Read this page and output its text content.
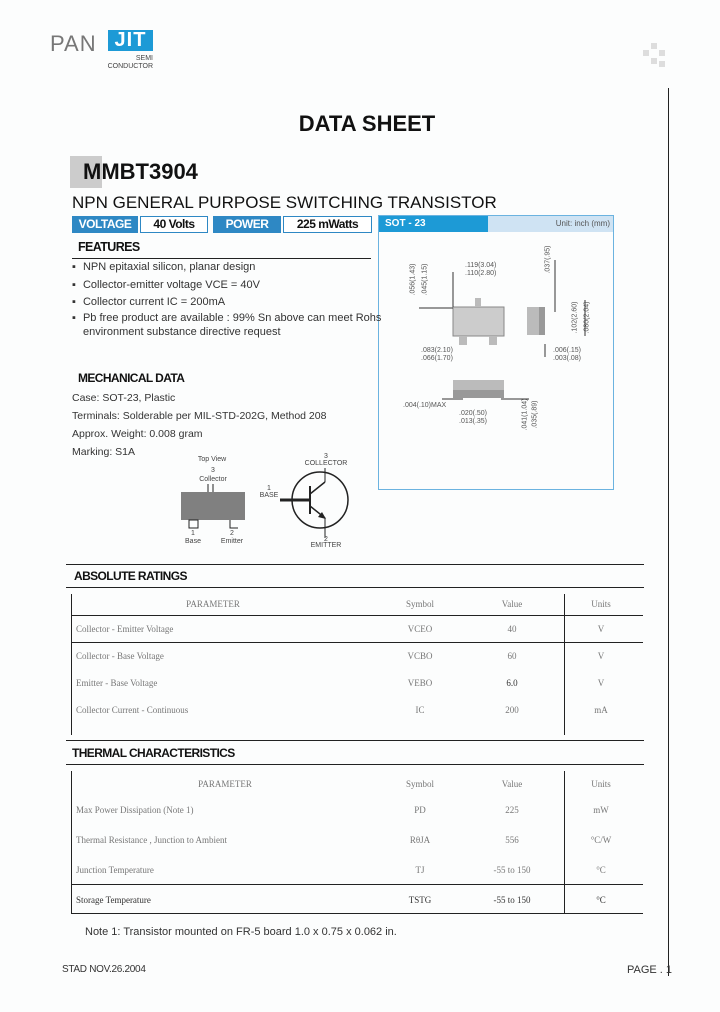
PAN JIT
SEMI
CONDUCTOR
DATA SHEET
MMBT3904
NPN GENERAL PURPOSE SWITCHING TRANSISTOR
VOLTAGE	40 Volts	POWER	225 mWatts	SOT - 23	Unit: inch (mm)
.119(3.04)
.110(2.80)
.056(1.43) .045(1.15)
.037(.95)
.102(2.60) .080(2.04)
.083(2.10)
.066(1.70)
.006(.15)
.003(.08)
.004(.10)MAX
.020(.50)
.013(.35)	.041(1.04) .035(.89)
FEATURES
▪ NPN epitaxial silicon, planar design
▪ Collector-emitter voltage VCE = 40V
▪ Collector current IC = 200mA
▪ Pb free product are available : 99% Sn above can meet Rohs
environment substance directive request
MECHANICAL DATA
Case: SOT-23, Plastic
Terminals: Solderable per MIL-STD-202G, Method 208
Approx. Weight: 0.008 gram
Marking: S1A
Top View
3
Collector
1
Base
2
Emitter
3
COLLECTOR
1
BASE
2
EMITTER
ABSOLUTE RATINGS
PARAMETER	Symbol	Value	Units
Collector - Emitter Voltage	VCEO	40	V
Collector - Base Voltage	VCBO	60	V
Emitter - Base Voltage	VEBO	6.0	V
Collector Current - Continuous	IC	200	mA
THERMAL CHARACTERISTICS
PARAMETER	Symbol	Value	Units
Max Power Dissipation (Note 1)	PD	225	mW
Thermal Resistance , Junction to Ambient	RθJA	556	°C/W
Junction Temperature	TJ	-55 to 150	°C
Storage Temperature	TSTG	-55 to 150	°C
Note 1: Transistor mounted on FR-5 board 1.0 x 0.75 x 0.062 in.
STAD NOV.26.2004	PAGE . 1
